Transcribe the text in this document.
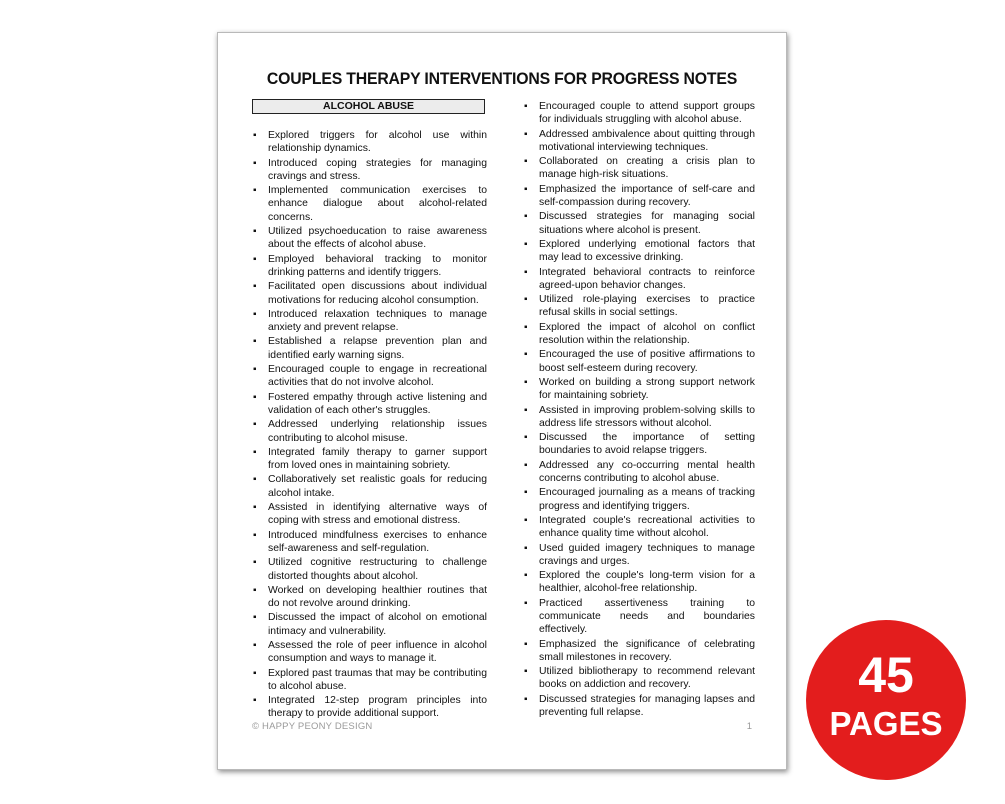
COUPLES THERAPY INTERVENTIONS FOR PROGRESS NOTES
ALCOHOL ABUSE
▪ Explored triggers for alcohol use within relationship dynamics.
▪ Introduced coping strategies for managing cravings and stress.
▪ Implemented communication exercises to enhance dialogue about alcohol-related concerns.
▪ Utilized psychoeducation to raise awareness about the effects of alcohol abuse.
▪ Employed behavioral tracking to monitor drinking patterns and identify triggers.
▪ Facilitated open discussions about individual motivations for reducing alcohol consumption.
▪ Introduced relaxation techniques to manage anxiety and prevent relapse.
▪ Established a relapse prevention plan and identified early warning signs.
▪ Encouraged couple to engage in recreational activities that do not involve alcohol.
▪ Fostered empathy through active listening and validation of each other's struggles.
▪ Addressed underlying relationship issues contributing to alcohol misuse.
▪ Integrated family therapy to garner support from loved ones in maintaining sobriety.
▪ Collaboratively set realistic goals for reducing alcohol intake.
▪ Assisted in identifying alternative ways of coping with stress and emotional distress.
▪ Introduced mindfulness exercises to enhance self-awareness and self-regulation.
▪ Utilized cognitive restructuring to challenge distorted thoughts about alcohol.
▪ Worked on developing healthier routines that do not revolve around drinking.
▪ Discussed the impact of alcohol on emotional intimacy and vulnerability.
▪ Assessed the role of peer influence in alcohol consumption and ways to manage it.
▪ Explored past traumas that may be contributing to alcohol abuse.
▪ Integrated 12-step program principles into therapy to provide additional support.
▪ Encouraged couple to attend support groups for individuals struggling with alcohol abuse.
▪ Addressed ambivalence about quitting through motivational interviewing techniques.
▪ Collaborated on creating a crisis plan to manage high-risk situations.
▪ Emphasized the importance of self-care and self-compassion during recovery.
▪ Discussed strategies for managing social situations where alcohol is present.
▪ Explored underlying emotional factors that may lead to excessive drinking.
▪ Integrated behavioral contracts to reinforce agreed-upon behavior changes.
▪ Utilized role-playing exercises to practice refusal skills in social settings.
▪ Explored the impact of alcohol on conflict resolution within the relationship.
▪ Encouraged the use of positive affirmations to boost self-esteem during recovery.
▪ Worked on building a strong support network for maintaining sobriety.
▪ Assisted in improving problem-solving skills to address life stressors without alcohol.
▪ Discussed the importance of setting boundaries to avoid relapse triggers.
▪ Addressed any co-occurring mental health concerns contributing to alcohol abuse.
▪ Encouraged journaling as a means of tracking progress and identifying triggers.
▪ Integrated couple's recreational activities to enhance quality time without alcohol.
▪ Used guided imagery techniques to manage cravings and urges.
▪ Explored the couple's long-term vision for a healthier, alcohol-free relationship.
▪ Practiced assertiveness training to communicate needs and boundaries effectively.
▪ Emphasized the significance of celebrating small milestones in recovery.
▪ Utilized bibliotherapy to recommend relevant books on addiction and recovery.
▪ Discussed strategies for managing lapses and preventing full relapse.
© HAPPY PEONY DESIGN	1
45
PAGES
